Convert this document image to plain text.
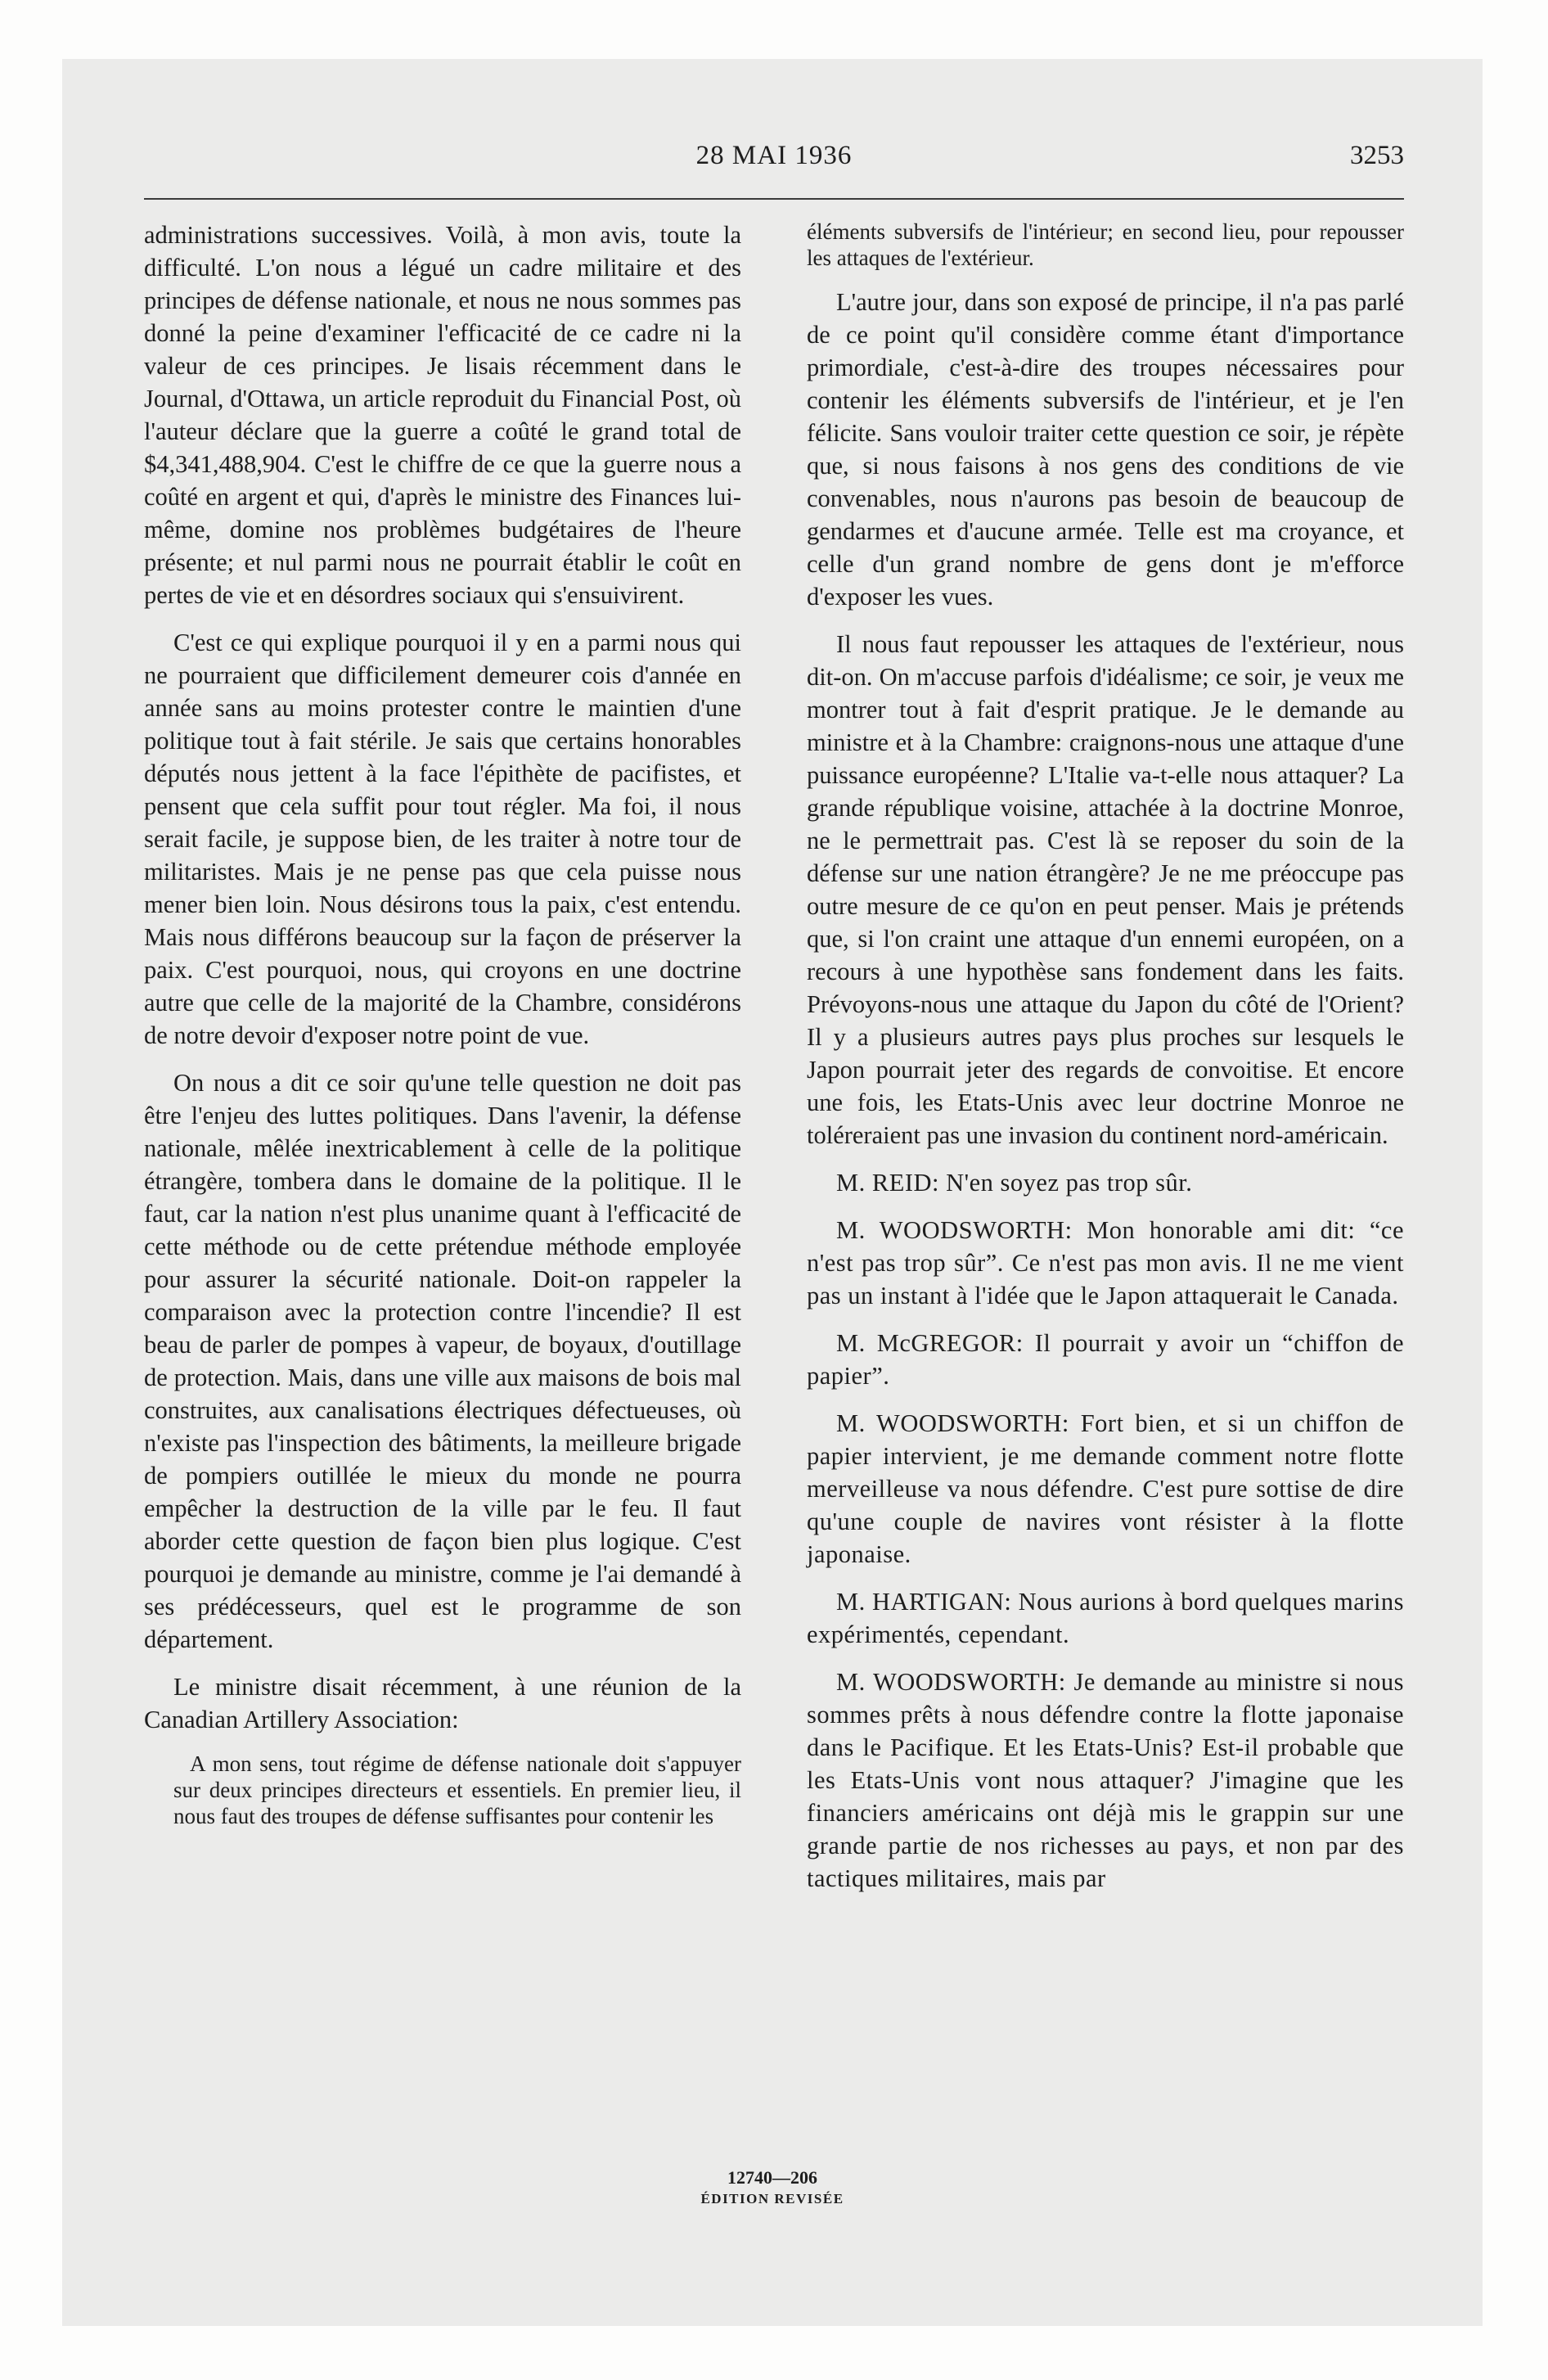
28 MAI 1936	3253

administrations successives. Voilà, à mon avis, toute la difficulté. L'on nous a légué un cadre militaire et des principes de défense nationale, et nous ne nous sommes pas donné la peine d'examiner l'efficacité de ce cadre ni la valeur de ces principes. Je lisais récemment dans le Journal, d'Ottawa, un article reproduit du Financial Post, où l'auteur déclare que la guerre a coûté le grand total de $4,341,488,904. C'est le chiffre de ce que la guerre nous a coûté en argent et qui, d'après le ministre des Finances lui-même, domine nos problèmes budgétaires de l'heure présente; et nul parmi nous ne pourrait établir le coût en pertes de vie et en désordres sociaux qui s'ensuivirent.

C'est ce qui explique pourquoi il y en a parmi nous qui ne pourraient que difficilement demeurer cois d'année en année sans au moins protester contre le maintien d'une politique tout à fait stérile. Je sais que certains honorables députés nous jettent à la face l'épithète de pacifistes, et pensent que cela suffit pour tout régler. Ma foi, il nous serait facile, je suppose bien, de les traiter à notre tour de militaristes. Mais je ne pense pas que cela puisse nous mener bien loin. Nous désirons tous la paix, c'est entendu. Mais nous différons beaucoup sur la façon de préserver la paix. C'est pourquoi, nous, qui croyons en une doctrine autre que celle de la majorité de la Chambre, considérons de notre devoir d'exposer notre point de vue.

On nous a dit ce soir qu'une telle question ne doit pas être l'enjeu des luttes politiques. Dans l'avenir, la défense nationale, mêlée inextricablement à celle de la politique étrangère, tombera dans le domaine de la politique. Il le faut, car la nation n'est plus unanime quant à l'efficacité de cette méthode ou de cette prétendue méthode employée pour assurer la sécurité nationale. Doit-on rappeler la comparaison avec la protection contre l'incendie? Il est beau de parler de pompes à vapeur, de boyaux, d'outillage de protection. Mais, dans une ville aux maisons de bois mal construites, aux canalisations électriques défectueuses, où n'existe pas l'inspection des bâtiments, la meilleure brigade de pompiers outillée le mieux du monde ne pourra empêcher la destruction de la ville par le feu. Il faut aborder cette question de façon bien plus logique. C'est pourquoi je demande au ministre, comme je l'ai demandé à ses prédécesseurs, quel est le programme de son département.

Le ministre disait récemment, à une réunion de la Canadian Artillery Association:

A mon sens, tout régime de défense nationale doit s'appuyer sur deux principes directeurs et essentiels. En premier lieu, il nous faut des troupes de défense suffisantes pour contenir les

éléments subversifs de l'intérieur; en second lieu, pour repousser les attaques de l'extérieur.

L'autre jour, dans son exposé de principe, il n'a pas parlé de ce point qu'il considère comme étant d'importance primordiale, c'est-à-dire des troupes nécessaires pour contenir les éléments subversifs de l'intérieur, et je l'en félicite. Sans vouloir traiter cette question ce soir, je répète que, si nous faisons à nos gens des conditions de vie convenables, nous n'aurons pas besoin de beaucoup de gendarmes et d'aucune armée. Telle est ma croyance, et celle d'un grand nombre de gens dont je m'efforce d'exposer les vues.

Il nous faut repousser les attaques de l'extérieur, nous dit-on. On m'accuse parfois d'idéalisme; ce soir, je veux me montrer tout à fait d'esprit pratique. Je le demande au ministre et à la Chambre: craignons-nous une attaque d'une puissance européenne? L'Italie va-t-elle nous attaquer? La grande république voisine, attachée à la doctrine Monroe, ne le permettrait pas. C'est là se reposer du soin de la défense sur une nation étrangère? Je ne me préoccupe pas outre mesure de ce qu'on en peut penser. Mais je prétends que, si l'on craint une attaque d'un ennemi européen, on a recours à une hypothèse sans fondement dans les faits. Prévoyons-nous une attaque du Japon du côté de l'Orient? Il y a plusieurs autres pays plus proches sur lesquels le Japon pourrait jeter des regards de convoitise. Et encore une fois, les Etats-Unis avec leur doctrine Monroe ne toléreraient pas une invasion du continent nord-américain.

M. REID: N'en soyez pas trop sûr.

M. WOODSWORTH: Mon honorable ami dit: “ce n'est pas trop sûr”. Ce n'est pas mon avis. Il ne me vient pas un instant à l'idée que le Japon attaquerait le Canada.

M. McGREGOR: Il pourrait y avoir un “chiffon de papier”.

M. WOODSWORTH: Fort bien, et si un chiffon de papier intervient, je me demande comment notre flotte merveilleuse va nous défendre. C'est pure sottise de dire qu'une couple de navires vont résister à la flotte japonaise.

M. HARTIGAN: Nous aurions à bord quelques marins expérimentés, cependant.

M. WOODSWORTH: Je demande au ministre si nous sommes prêts à nous défendre contre la flotte japonaise dans le Pacifique. Et les Etats-Unis? Est-il probable que les Etats-Unis vont nous attaquer? J'imagine que les financiers américains ont déjà mis le grappin sur une grande partie de nos richesses au pays, et non par des tactiques militaires, mais par

12740—206
ÉDITION REVISÉE
